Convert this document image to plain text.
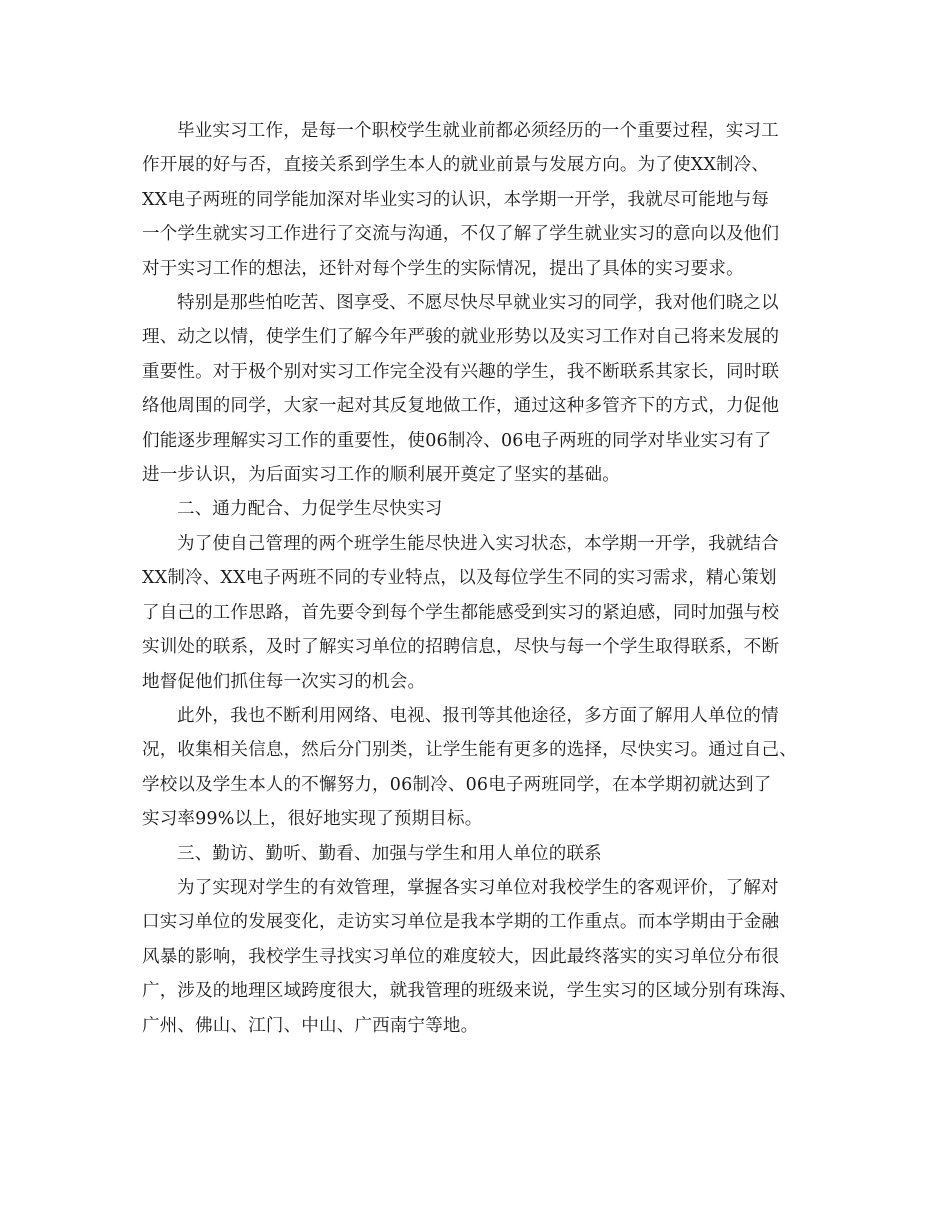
毕业实习工作，是每一个职校学生就业前都必须经历的一个重要过程，实习工
作开展的好与否，直接关系到学生本人的就业前景与发展方向。为了使XX制冷、
XX电子两班的同学能加深对毕业实习的认识，本学期一开学，我就尽可能地与每
一个学生就实习工作进行了交流与沟通，不仅了解了学生就业实习的意向以及他们
对于实习工作的想法，还针对每个学生的实际情况，提出了具体的实习要求。
特别是那些怕吃苦、图享受、不愿尽快尽早就业实习的同学，我对他们晓之以
理、动之以情，使学生们了解今年严骏的就业形势以及实习工作对自己将来发展的
重要性。对于极个别对实习工作完全没有兴趣的学生，我不断联系其家长，同时联
络他周围的同学，大家一起对其反复地做工作，通过这种多管齐下的方式，力促他
们能逐步理解实习工作的重要性，使06制冷、06电子两班的同学对毕业实习有了
进一步认识，为后面实习工作的顺利展开奠定了坚实的基础。
二、通力配合、力促学生尽快实习
为了使自己管理的两个班学生能尽快进入实习状态，本学期一开学，我就结合
XX制冷、XX电子两班不同的专业特点，以及每位学生不同的实习需求，精心策划
了自己的工作思路，首先要令到每个学生都能感受到实习的紧迫感，同时加强与校
实训处的联系，及时了解实习单位的招聘信息，尽快与每一个学生取得联系，不断
地督促他们抓住每一次实习的机会。
此外，我也不断利用网络、电视、报刊等其他途径，多方面了解用人单位的情
况，收集相关信息，然后分门别类，让学生能有更多的选择，尽快实习。通过自己、
学校以及学生本人的不懈努力，06制冷、06电子两班同学，在本学期初就达到了
实习率99%以上，很好地实现了预期目标。
三、勤访、勤听、勤看、加强与学生和用人单位的联系
为了实现对学生的有效管理，掌握各实习单位对我校学生的客观评价，了解对
口实习单位的发展变化，走访实习单位是我本学期的工作重点。而本学期由于金融
风暴的影响，我校学生寻找实习单位的难度较大，因此最终落实的实习单位分布很
广，涉及的地理区域跨度很大，就我管理的班级来说，学生实习的区域分别有珠海、
广州、佛山、江门、中山、广西南宁等地。
